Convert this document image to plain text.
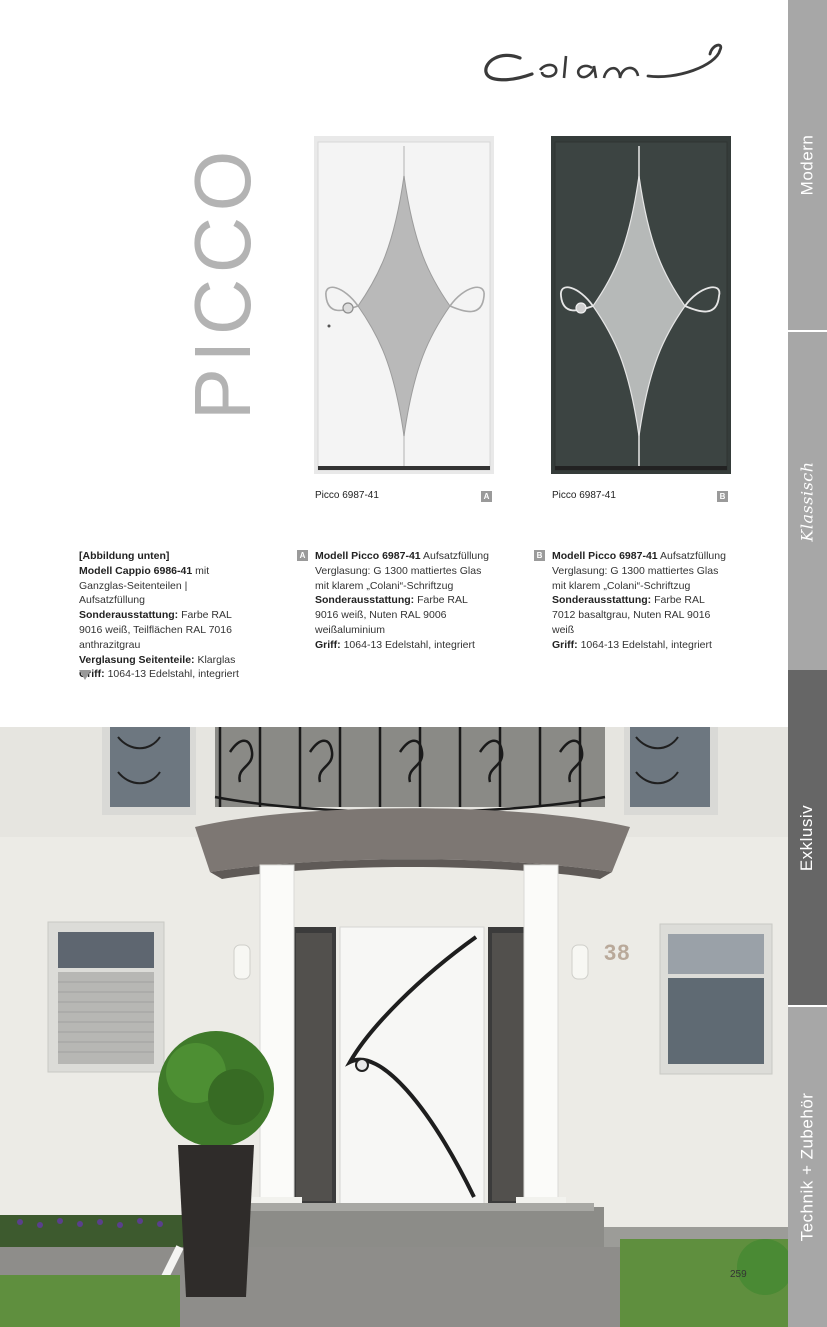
PICCO
Picco 6987-41	A	Picco 6987-41	B
[Abbildung unten]
Modell Cappio 6986-41 mit Ganzglas-Seitenteilen | Aufsatzfüllung
Sonderausstattung: Farbe RAL 9016 weiß, Teilflächen RAL 7016 anthrazitgrau
Verglasung Seitenteile: Klarglas
Griff: 1064-13 Edelstahl, integriert
A Modell Picco 6987-41 Aufsatzfüllung
Verglasung: G 1300 mattiertes Glas mit klarem „Colani“-Schriftzug
Sonderausstattung: Farbe RAL 9016 weiß, Nuten RAL 9006 weißaluminium
Griff: 1064-13 Edelstahl, integriert
B Modell Picco 6987-41 Aufsatzfüllung
Verglasung: G 1300 mattiertes Glas mit klarem „Colani“-Schriftzug
Sonderausstattung: Farbe RAL 7012 basaltgrau, Nuten RAL 9016 weiß
Griff: 1064-13 Edelstahl, integriert
38
259
Modern
Klassisch
Exklusiv
Technik + Zubehör
